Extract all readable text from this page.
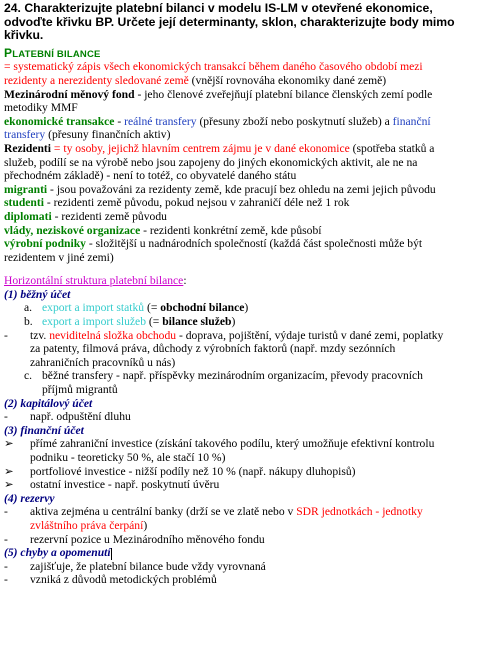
24. Charakterizujte platební bilanci v modelu IS-LM v otevřené ekonomice,
odvoďte křivku BP. Určete její determinanty, sklon, charakterizujte body mimo
křivku.
PLATEBNÍ BILANCE
= systematický zápis všech ekonomických transakcí během daného časového období mezi
rezidenty a nerezidenty sledované země (vnější rovnováha ekonomiky dané země)
Mezinárodní měnový fond - jeho členové zveřejňují platební bilance členských zemí podle
metodiky MMF
ekonomické transakce - reálné transfery (přesuny zboží nebo poskytnutí služeb) a finanční
transfery (přesuny finančních aktiv)
Rezidenti = ty osoby, jejichž hlavním centrem zájmu je v dané ekonomice (spotřeba statků a
služeb, podílí se na výrobě nebo jsou zapojeny do jiných ekonomických aktivit, ale ne na
přechodném základě) - není to totéž, co obyvatelé daného státu
migranti - jsou považováni za rezidenty země, kde pracují bez ohledu na zemi jejich původu
studenti - rezidenti země původu, pokud nejsou v zahraničí déle než 1 rok
diplomati - rezidenti země původu
vlády, neziskové organizace - rezidenti konkrétní země, kde působí
výrobní podniky - složitější u nadnárodních společností (každá část společnosti může být
rezidentem v jiné zemi)
Horizontální struktura platební bilance:
(1) běžný účet
a. export a import statků (= obchodní bilance)
b. export a import služeb (= bilance služeb)
- tzv. neviditelná složka obchodu - doprava, pojištění, výdaje turistů v dané zemi, poplatky
za patenty, filmová práva, důchody z výrobních faktorů (např. mzdy sezónních
zahraničních pracovníků u nás)
c. běžné transfery - např. příspěvky mezinárodním organizacím, převody pracovních
příjmů migrantů
(2) kapitálový účet
- např. odpuštění dluhu
(3) finanční účet
➢ přímé zahraniční investice (získání takového podílu, který umožňuje efektivní kontrolu
podniku - teoreticky 50 %, ale stačí 10 %)
➢ portfoliové investice - nižší podíly než 10 % (např. nákupy dluhopisů)
➢ ostatní investice - např. poskytnutí úvěru
(4) rezervy
- aktiva zejména u centrální banky (drží se ve zlatě nebo v SDR jednotkách - jednotky
zvláštního práva čerpání)
- rezervní pozice u Mezinárodního měnového fondu
(5) chyby a opomenutí
- zajišťuje, že platební bilance bude vždy vyrovnaná
- vzniká z důvodů metodických problémů
